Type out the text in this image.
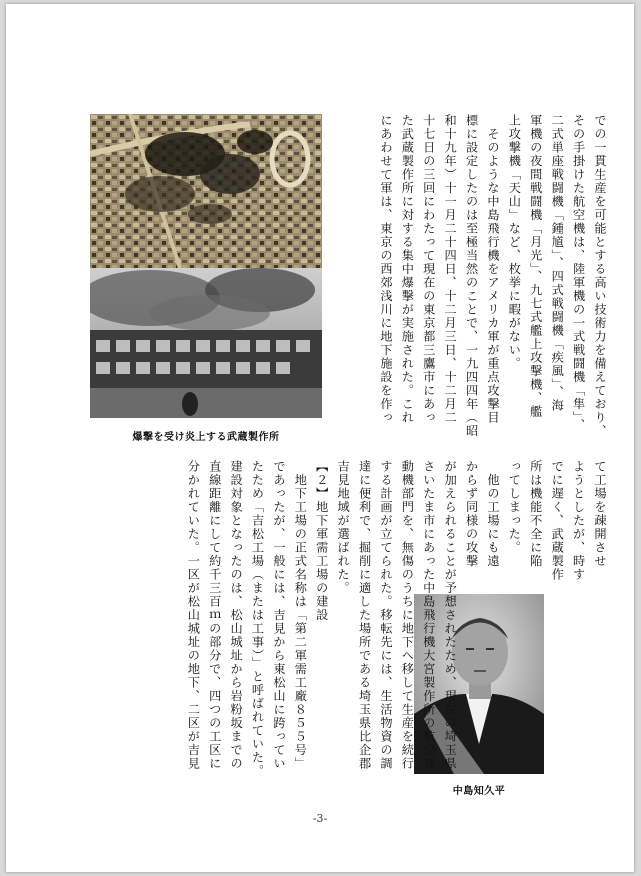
爆撃を受け炎上する武蔵製作所
中島知久平
での一貫生産を可能とする高い技術力を備えており、
その手掛けた航空機は、陸軍機の一式戦闘機「隼」、
二式単座戦闘機「鍾馗」、四式戦闘機「疾風」、海
軍機の夜間戦闘機「月光」、九七式艦上攻撃機、艦
上攻撃機「天山」など、枚挙に暇がない。
　そのような中島飛行機をアメリカ軍が重点攻撃目
標に設定したのは至極当然のことで、一九四四年（昭
和十九年）十一月二十四日、十二月三日、十二月二
十七日の三回にわたって現在の東京都三鷹市にあっ
た武蔵製作所に対する集中爆撃が実施された。これ
にあわせて軍は、東京の西郊浅川に地下施設を作っ
て工場を疎開させ
ようとしたが、時す
でに遅く、武蔵製作
所は機能不全に陥
ってしまった。
　他の工場にも遠
からず同様の攻撃
が加えられることが予想されたため、現在の埼玉県
さいたま市にあった中島飛行機大宮製作所の航空発
動機部門を、無傷のうちに地下へ移して生産を続行
する計画が立てられた。移転先には、生活物資の調
達に便利で、掘削に適した場所である埼玉県比企郡
吉見地域が選ばれた。
【２】地下軍需工場の建設
　地下工場の正式名称は「第二軍需工廠８５５号」
であったが、一般には、吉見から東松山に跨ってい
たため「吉松工場（または工事）」と呼ばれていた。
建設対象となったのは、松山城址から岩粉坂までの
直線距離にして約千三百ｍの部分で、四つの工区に
分かれていた。一区が松山城址の地下、二区が吉見
-3-
